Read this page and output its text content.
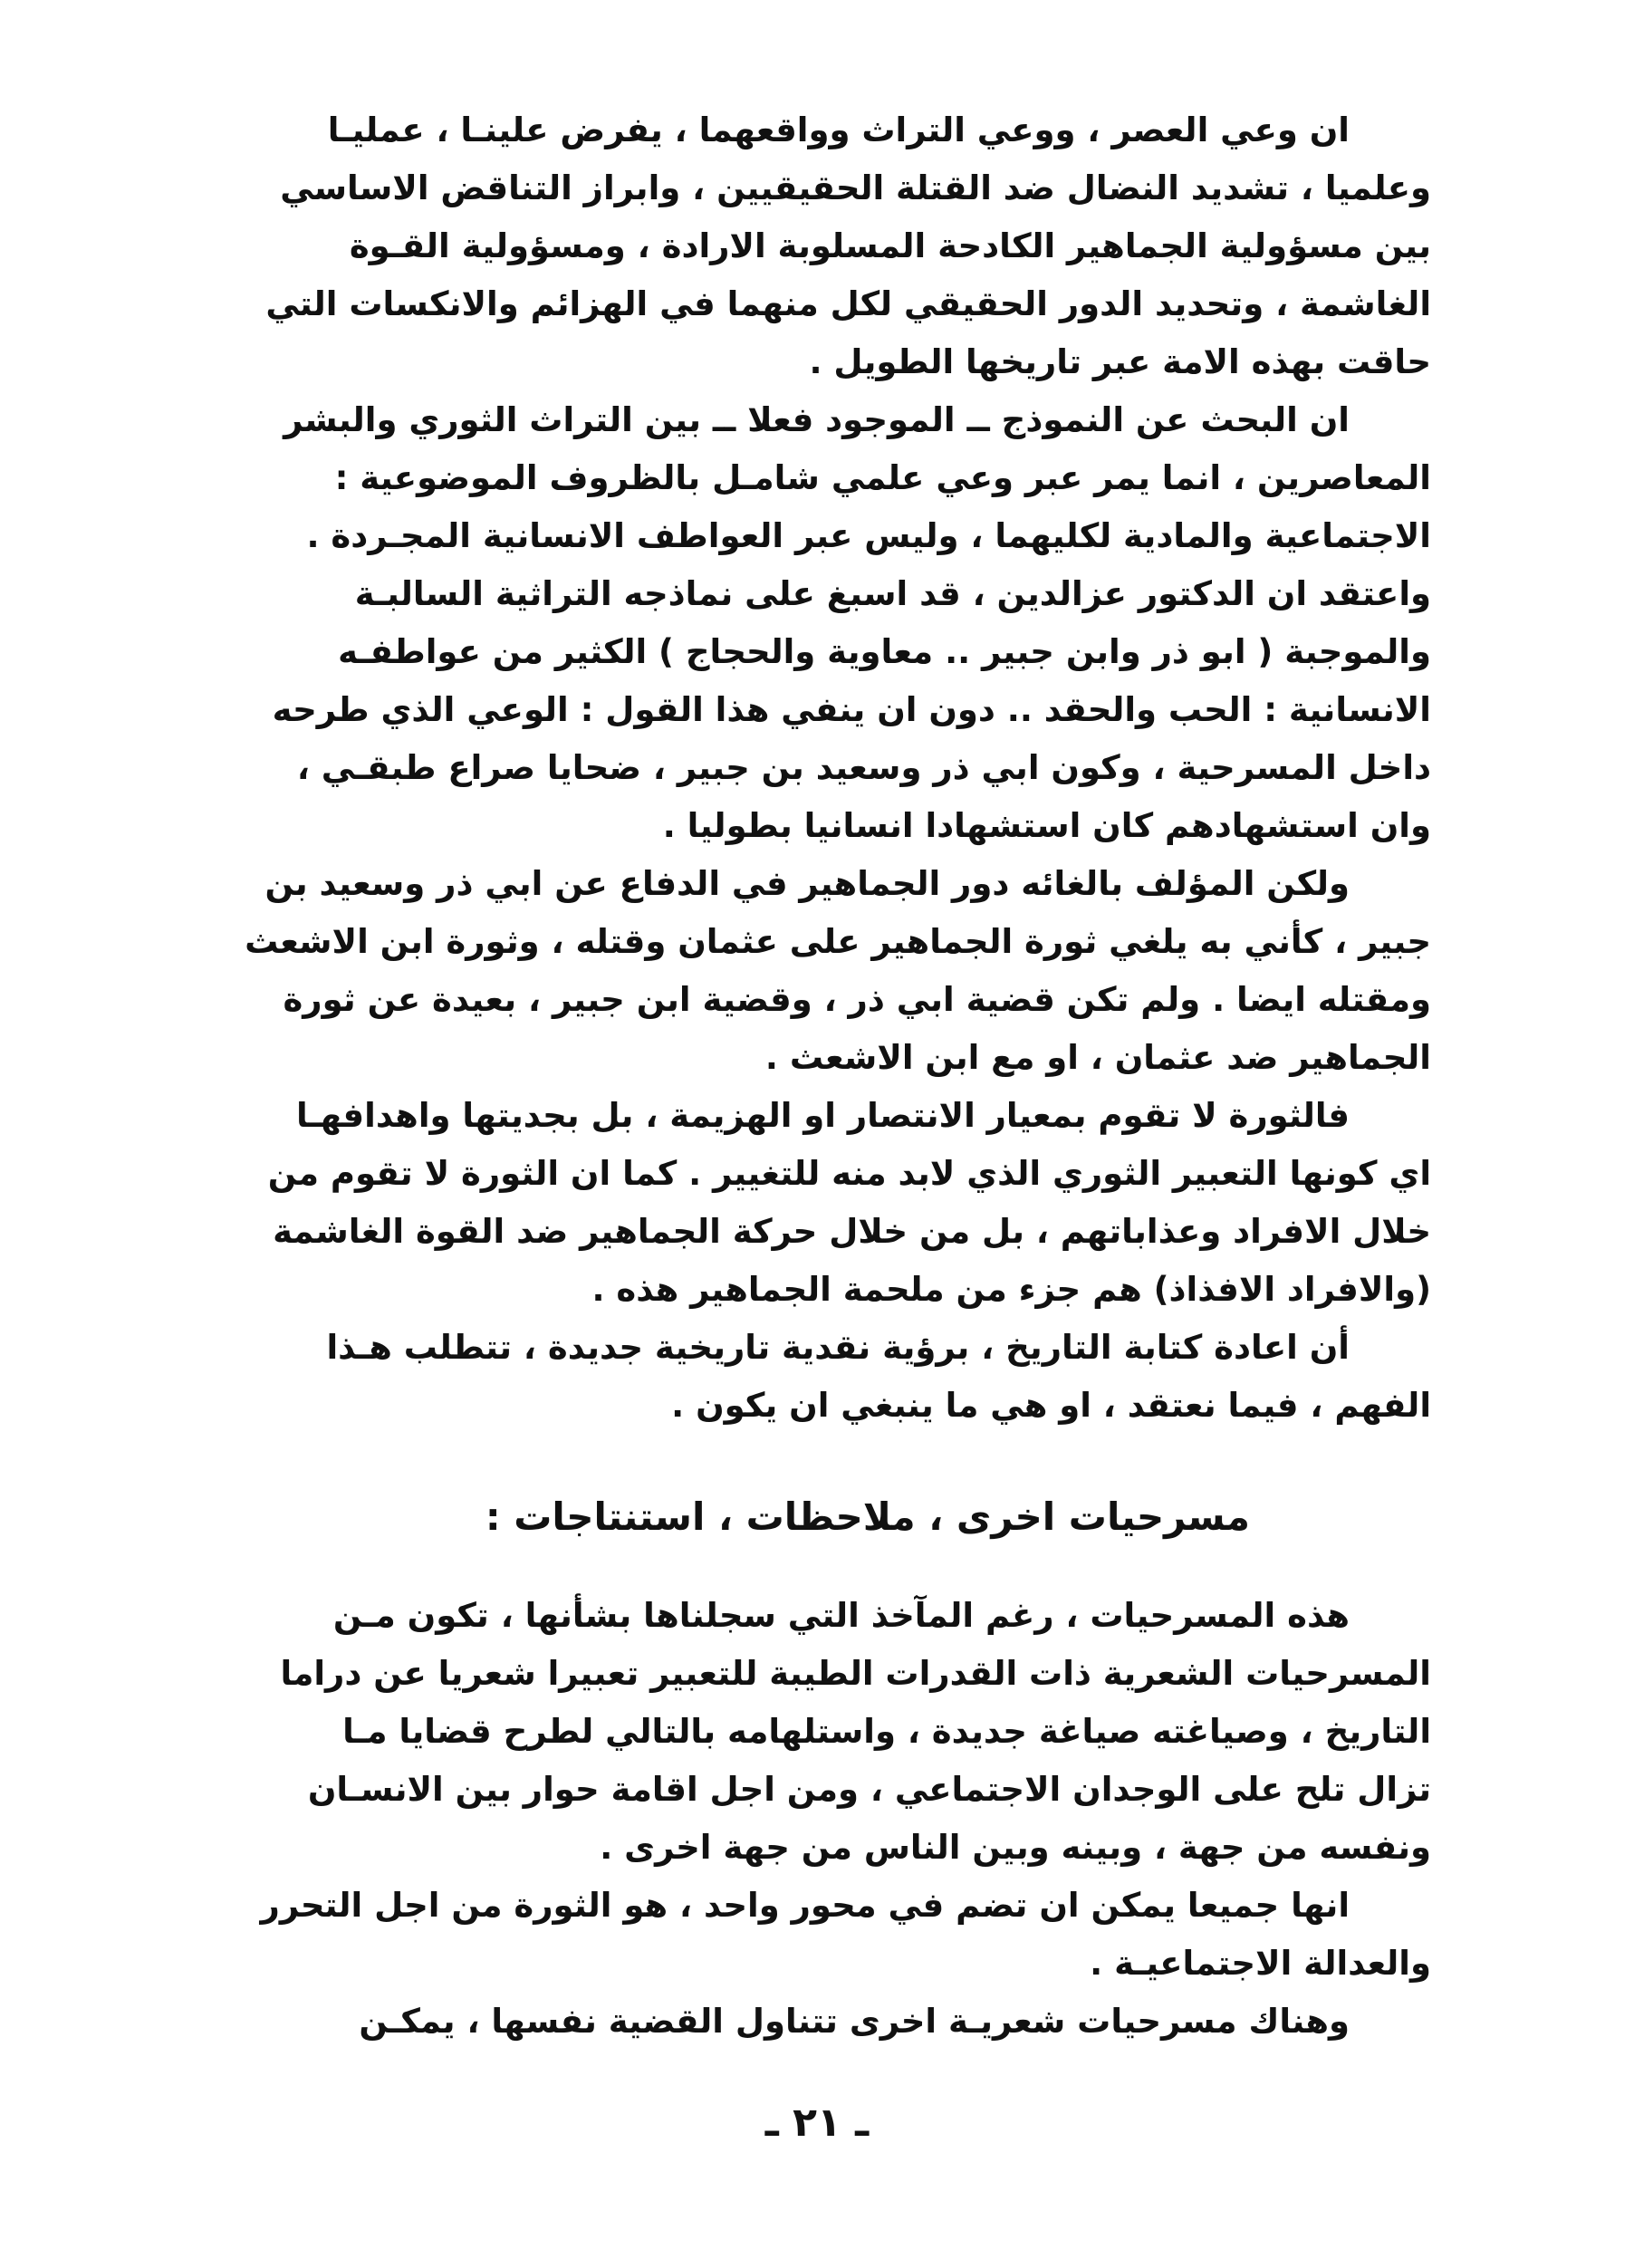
ان وعي العصر ، ووعي التراث وواقعهما ، يفرض علينـا ، عمليـا
وعلميا ، تشديد النضال ضد القتلة الحقيقيين ، وابراز التناقض الاساسي
بين مسؤولية الجماهير الكادحة المسلوبة الارادة ، ومسؤولية القـوة
الغاشمة ، وتحديد الدور الحقيقي لكل منهما في الهزائم والانكسات التي
حاقت بهذه الامة عبر تاريخها الطويل .
ان البحث عن النموذج ــ الموجود فعلا ــ بين التراث الثوري والبشر
المعاصرين ، انما يمر عبر وعي علمي شامـل بالظروف الموضوعية :
الاجتماعية والمادية لكليهما ، وليس عبر العواطف الانسانية المجـردة .
واعتقد ان الدكتور عزالدين ، قد اسبغ على نماذجه التراثية السالبـة
والموجبة ( ابو ذر وابن جبير .. معاوية والحجاج ) الكثير من عواطفـه
الانسانية : الحب والحقد .. دون ان ينفي هذا القول : الوعي الذي طرحه
داخل المسرحية ، وكون ابي ذر وسعيد بن جبير ، ضحايا صراع طبقـي ،
وان استشهادهم كان استشهادا انسانيا بطوليا .
ولكن المؤلف بالغائه دور الجماهير في الدفاع عن ابي ذر وسعيد بن
جبير ، كأني به يلغي ثورة الجماهير على عثمان وقتله ، وثورة ابن الاشعث
ومقتله ايضا . ولم تكن قضية ابي ذر ، وقضية ابن جبير ، بعيدة عن ثورة
الجماهير ضد عثمان ، او مع ابن الاشعث .
فالثورة لا تقوم بمعيار الانتصار او الهزيمة ، بل بجديتها واهدافهـا
اي كونها التعبير الثوري الذي لابد منه للتغيير . كما ان الثورة لا تقوم من
خلال الافراد وعذاباتهم ، بل من خلال حركة الجماهير ضد القوة الغاشمة
(والافراد الافذاذ) هم جزء من ملحمة الجماهير هذه .
أن اعادة كتابة التاريخ ، برؤية نقدية تاريخية جديدة ، تتطلب هـذا
الفهم ، فيما نعتقد ، او هي ما ينبغي ان يكون .
مسرحيات اخرى ، ملاحظات ، استنتاجات :
هذه المسرحيات ، رغم المآخذ التي سجلناها بشأنها ، تكون مـن
المسرحيات الشعرية ذات القدرات الطيبة للتعبير تعبيرا شعريا عن دراما
التاريخ ، وصياغته صياغة جديدة ، واستلهامه بالتالي لطرح قضايا مـا
تزال تلح على الوجدان الاجتماعي ، ومن اجل اقامة حوار بين الانسـان
ونفسه من جهة ، وبينه وبين الناس من جهة اخرى .
انها جميعا يمكن ان تضم في محور واحد ، هو الثورة من اجل التحرر
والعدالة الاجتماعيـة .
وهناك مسرحيات شعريـة اخرى تتناول القضية نفسها ، يمكـن
ـ ٢١ ـ
